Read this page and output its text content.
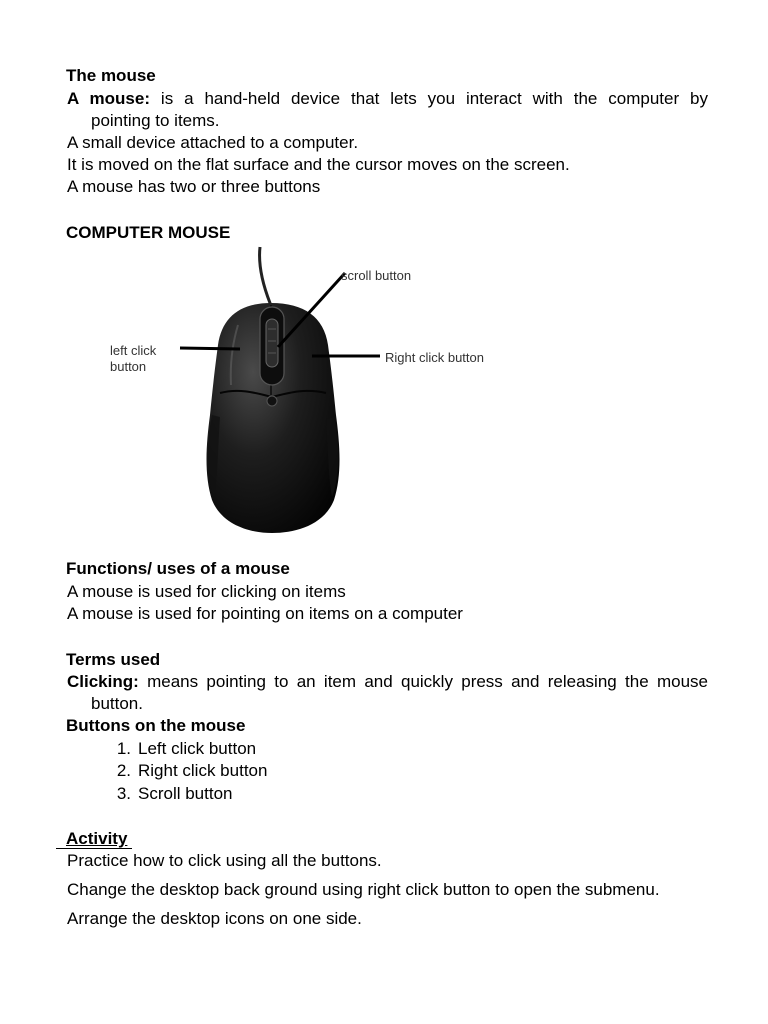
The mouse

A mouse: is a hand-held device that lets you interact with the computer by

pointing to items.

A small device attached to a computer.

It is moved on the flat surface and the cursor moves on the screen.

A mouse has two or three buttons

COMPUTER MOUSE

scroll button
left click
button
Right click button

Functions/ uses of a mouse

A mouse is used for clicking on items

A mouse is used for pointing on items on a computer

Terms used

Clicking: means pointing to an item and quickly press and releasing the mouse

button.

Buttons on the mouse

1. Left click button

2. Right click button

3. Scroll button

Activity

Practice how to click using all the buttons.

Change the desktop back ground using right click button to open the submenu.

Arrange the desktop icons on one side.
